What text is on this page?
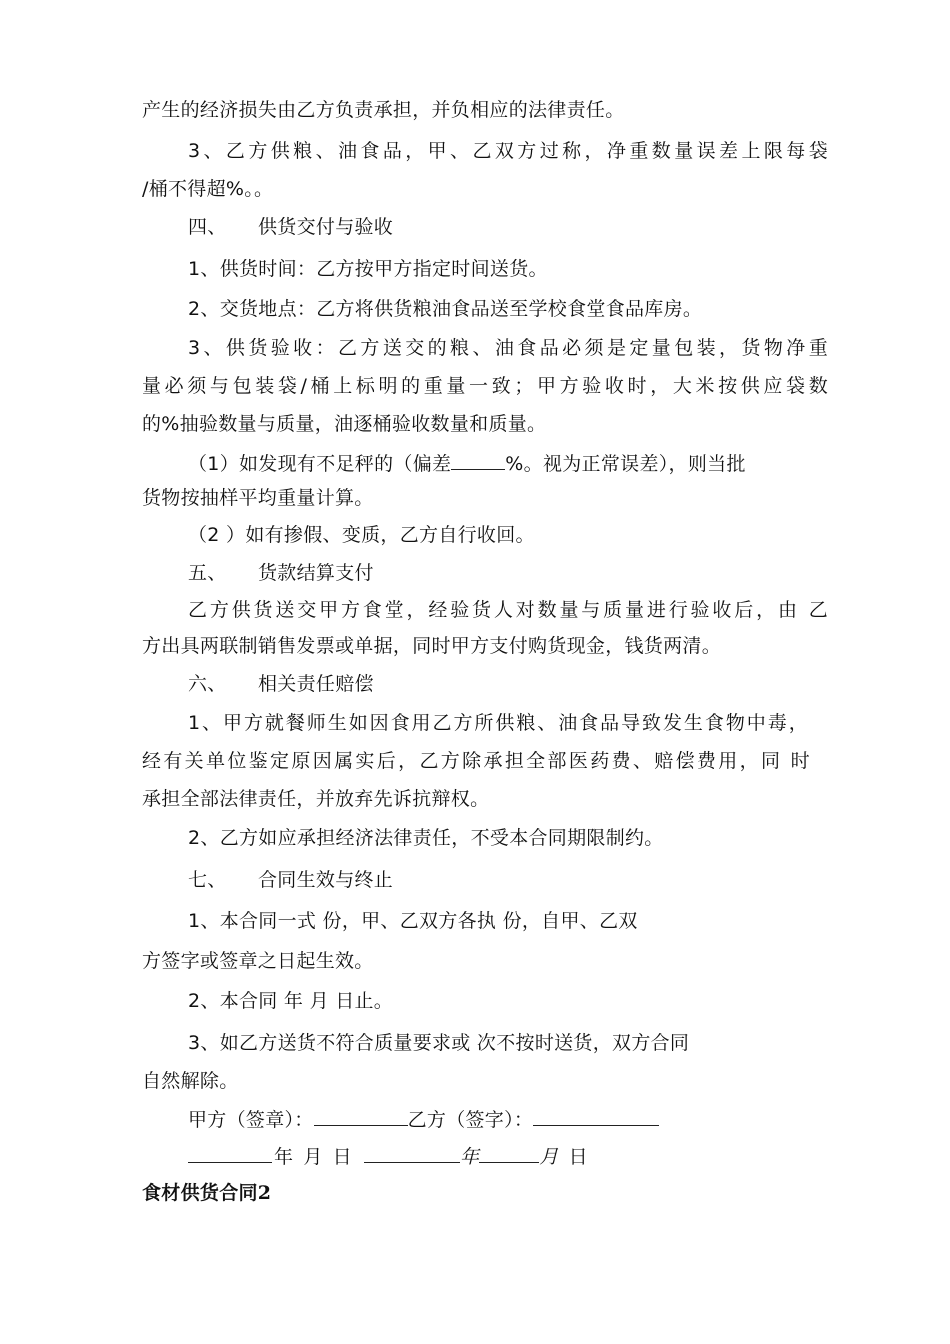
产生的经济损失由乙方负责承担，并负相应的法律责任。
3、乙方供粮、油食品，甲、乙双方过称，净重数量误差上限每袋
/桶不得超%。。
四、 供货交付与验收
1、供货时间：乙方按甲方指定时间送货。
2、交货地点：乙方将供货粮油食品送至学校食堂食品库房。
3、供货验收：乙方送交的粮、油食品必须是定量包装，货物净重
量必须与包装袋/桶上标明的重量一致；甲方验收时，大米按供应袋数
的%抽验数量与质量，油逐桶验收数量和质量。
（1）如发现有不足秤的（偏差	%。视为正常误差），则当批
货物按抽样平均重量计算。
（2 ）如有掺假、变质，乙方自行收回。
五、 货款结算支付
乙方供货送交甲方食堂，经验货人对数量与质量进行验收后，由 乙
方出具两联制销售发票或单据，同时甲方支付购货现金，钱货两清。
六、 相关责任赔偿
1、甲方就餐师生如因食用乙方所供粮、油食品导致发生食物中毒，
经有关单位鉴定原因属实后，乙方除承担全部医药费、赔偿费用，同 时
承担全部法律责任，并放弃先诉抗辩权。
2、乙方如应承担经济法律责任，不受本合同期限制约。
七、 合同生效与终止
1、本合同一式 份，甲、乙双方各执 份，自甲、乙双
方签字或签章之日起生效。
2、本合同 年 月 日止。
3、如乙方送货不符合质量要求或 次不按时送货，双方合同
自然解除。
甲方（签章）：	乙方（签字）：
年 月 日	年	月 日
食材供货合同2
